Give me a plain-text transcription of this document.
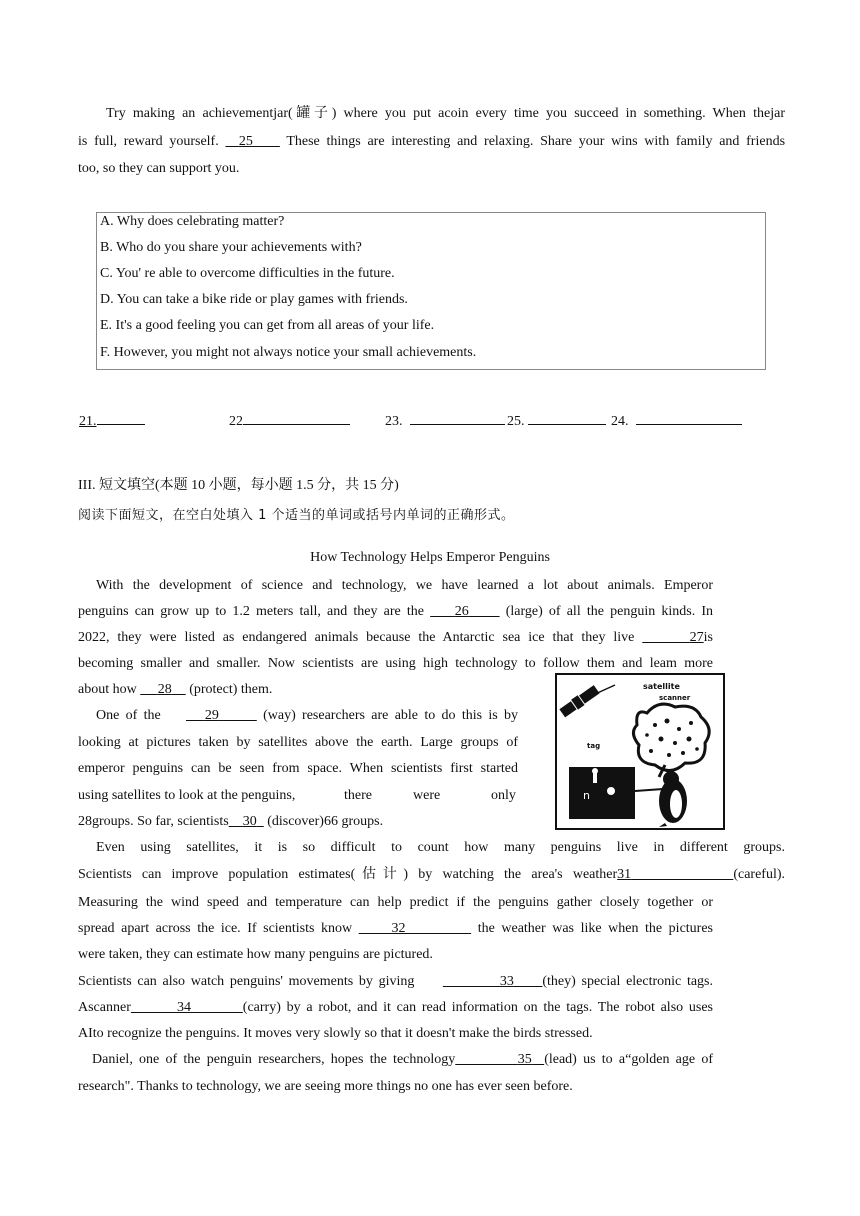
Try making an achievementjar(罐子) where you put acoin every time you succeed in something. When thejar
is full, reward yourself. 25 These things are interesting and relaxing. Share your wins with family and friends
too, so they can support you.
A. Why does celebrating matter?
B. Who do you share your achievements with?
C. You' re able to overcome difficulties in the future.
D. You can take a bike ride or play games with friends.
E. It's a good feeling you can get from all areas of your life.
F. However, you might not always notice your small achievements.
21.	22	23.	25.	24.
III. 短文填空(本题 10 小题，每小题 1.5 分，共 15 分)
阅读下面短文，在空白处填入 1 个适当的单词或括号内单词的正确形式。
How Technology Helps Emperor Penguins
With the development of science and technology, we have learned a lot about animals. Emperor
penguins can grow up to 1.2 meters tall, and they are the 26	(large) of all the penguin kinds. In
2022, they were listed as endangered animals because the Antarctic sea ice that they live	27is
becoming smaller and smaller. Now scientists are using high technology to follow them and leam more
about how 28 (protect) them.
One of the	29	(way) researchers are able to do this is by
looking at pictures taken by satellites above the earth. Large groups of
emperor penguins can be seen from space. When scientists first started
using satellites to look at the penguins,	there	were	only
28groups. So far, scientists 30 (discover)66 groups.
satellite
scanner
tag
n
Even using satellites, it is so difficult to count how many penguins live in different groups.
Scientists can improve population estimates(估计) by watching the area's weather31	(careful).
Measuring the wind speed and temperature can help predict if the penguins gather closely together or
spread apart across the ice. If scientists know	32	the weather was like when the pictures
were taken, they can estimate how many penguins are pictured.
Scientists can also watch penguins' movements by giving	33 (they) special electronic tags.
Ascanner	34	(carry) by a robot, and it can read information on the tags. The robot also uses
AIto recognize the penguins. It moves very slowly so that it doesn't make the birds stressed.
Daniel, one of the penguin researchers, hopes the technology	35 (lead) us to a“golden age of
research". Thanks to technology, we are seeing more things no one has ever seen before.
